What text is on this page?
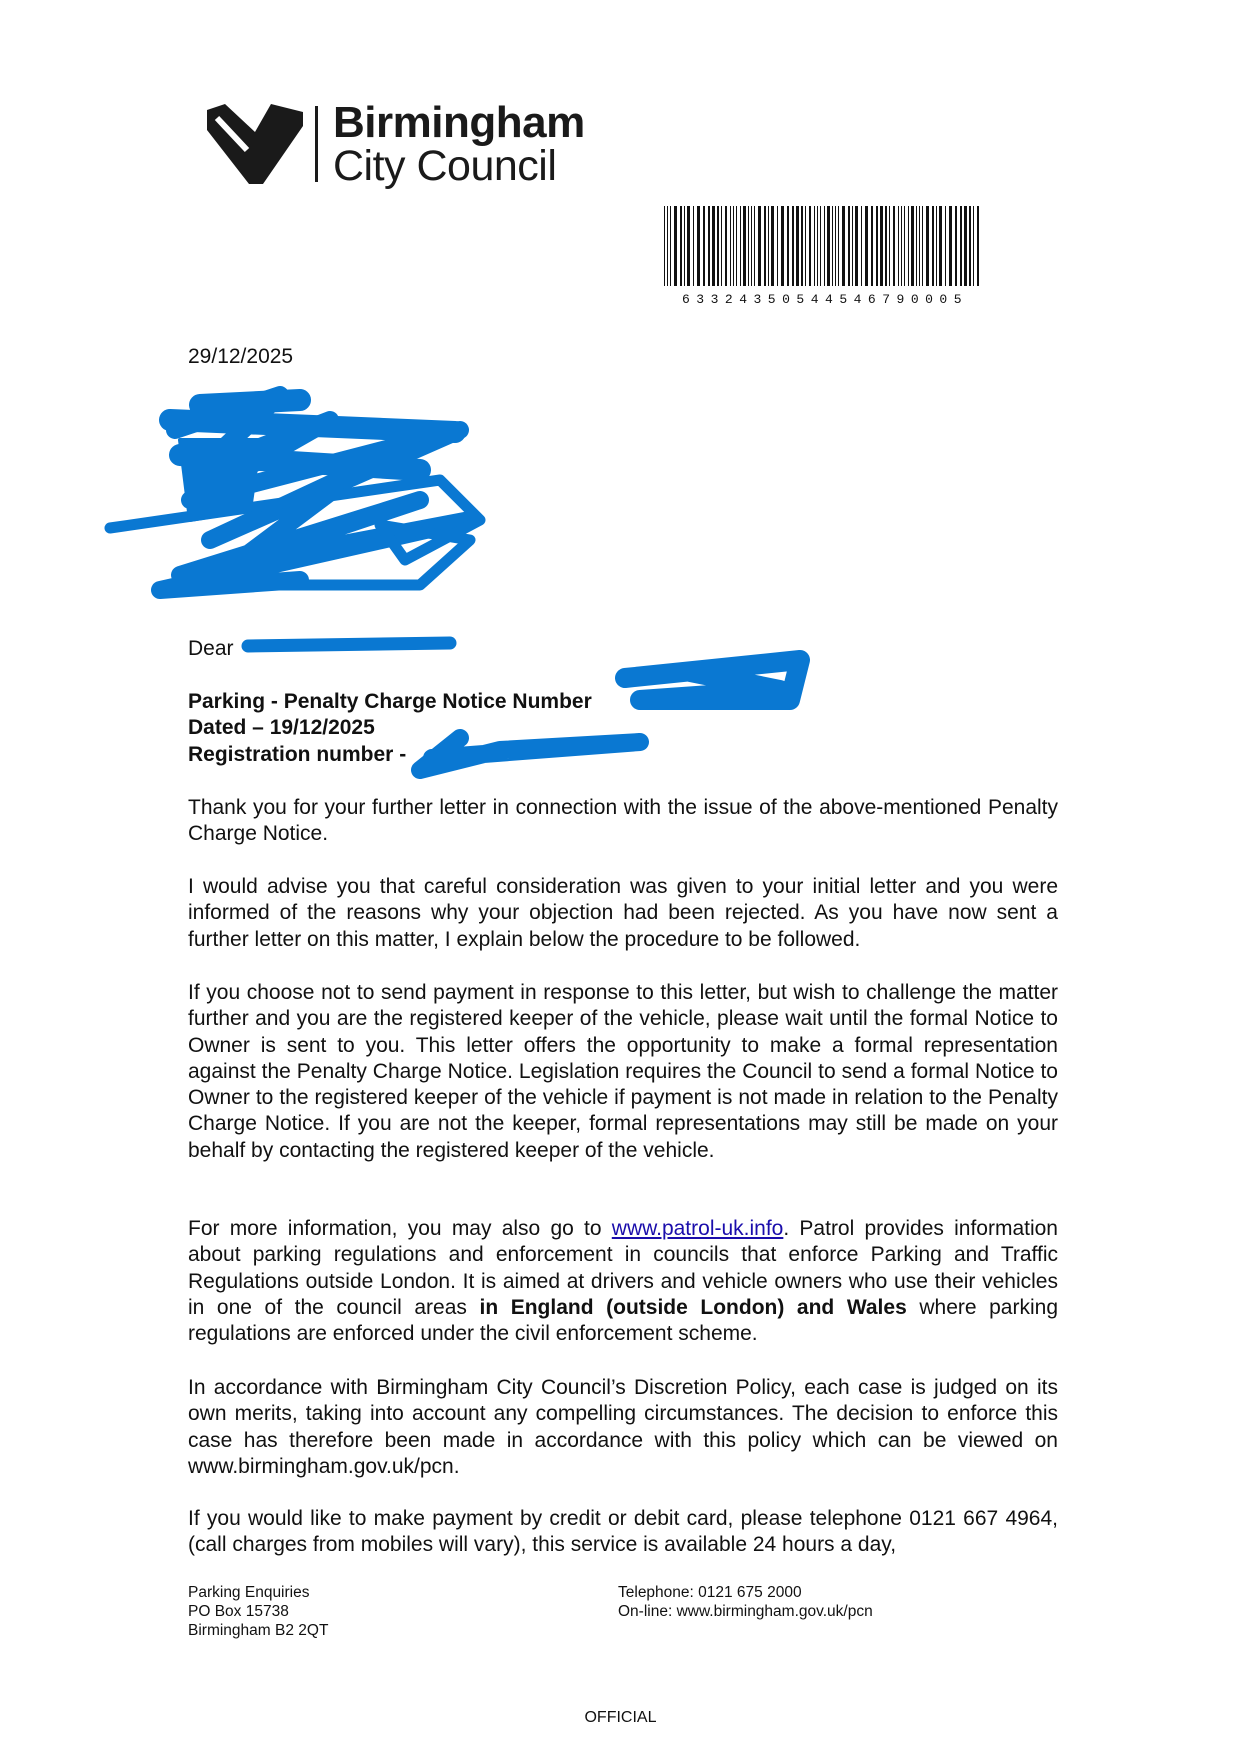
Birmingham
City Council
63324350544546790005
29/12/2025
Dear
Parking - Penalty Charge Notice Number
Dated – 19/12/2025
Registration number -
Thank you for your further letter in connection with the issue of the above-mentioned Penalty Charge Notice.
I would advise you that careful consideration was given to your initial letter and you were informed of the reasons why your objection had been rejected. As you have now sent a further letter on this matter, I explain below the procedure to be followed.
If you choose not to send payment in response to this letter, but wish to challenge the matter further and you are the registered keeper of the vehicle, please wait until the formal Notice to Owner is sent to you. This letter offers the opportunity to make a formal representation against the Penalty Charge Notice. Legislation requires the Council to send a formal Notice to Owner to the registered keeper of the vehicle if payment is not made in relation to the Penalty Charge Notice. If you are not the keeper, formal representations may still be made on your behalf by contacting the registered keeper of the vehicle.
For more information, you may also go to www.patrol-uk.info. Patrol provides information about parking regulations and enforcement in councils that enforce Parking and Traffic Regulations outside London. It is aimed at drivers and vehicle owners who use their vehicles in one of the council areas in England (outside London) and Wales where parking regulations are enforced under the civil enforcement scheme.
In accordance with Birmingham City Council’s Discretion Policy, each case is judged on its own merits, taking into account any compelling circumstances. The decision to enforce this case has therefore been made in accordance with this policy which can be viewed on www.birmingham.gov.uk/pcn.
If you would like to make payment by credit or debit card, please telephone 0121 667 4964, (call charges from mobiles will vary), this service is available 24 hours a day,
Parking Enquiries
PO Box 15738
Birmingham B2 2QT
Telephone: 0121 675 2000
On-line: www.birmingham.gov.uk/pcn
OFFICIAL
